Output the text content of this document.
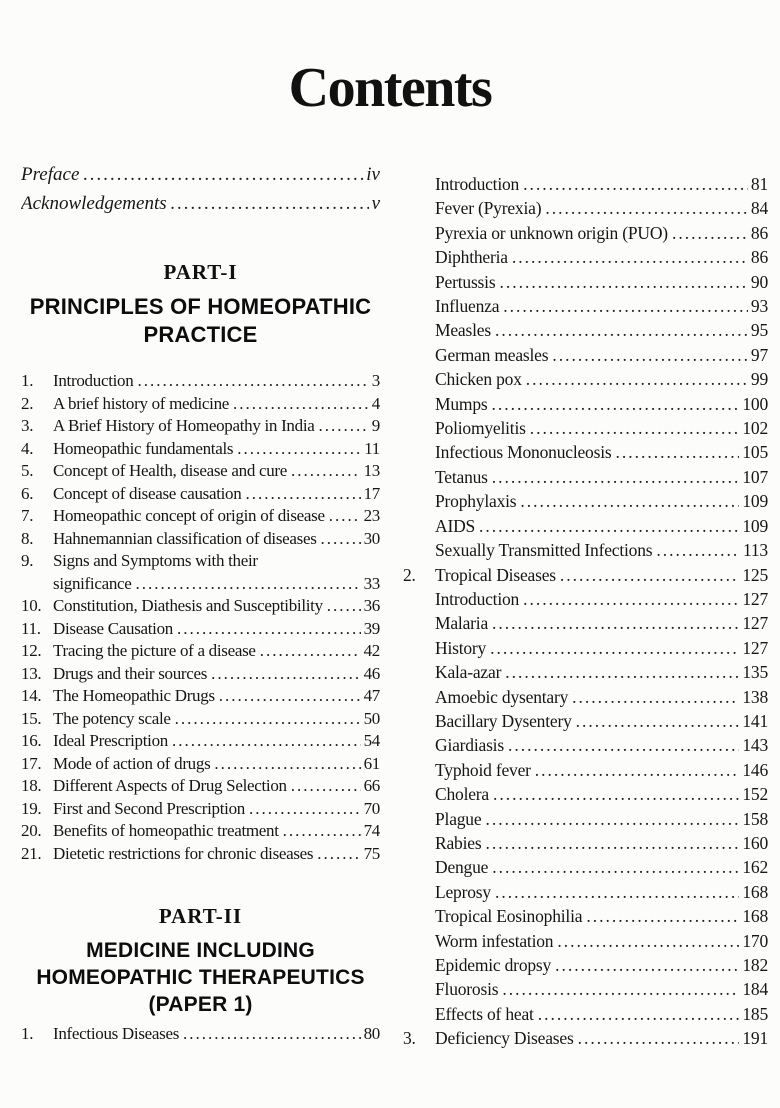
Contents
Preface .....	iv
Acknowledgements .....	v
PART-I
PRINCIPLES OF HOMEOPATHIC
PRACTICE
1.	Introduction .....	3
2.	A brief history of medicine .....	4
3.	A Brief History of Homeopathy in India .....	9
4.	Homeopathic fundamentals .....	11
5.	Concept of Health, disease and cure .....	13
6.	Concept of disease causation .....	17
7.	Homeopathic concept of origin of disease ..... 23
8.	Hahnemannian classification of diseases .....	30
9.	Signs and Symptoms with their
significance .....	33
10. Constitution, Diathesis and Susceptibility ..... 36
11. Disease Causation .....	39
12. Tracing the picture of a disease .....	42
13. Drugs and their sources .....	46
14. The Homeopathic Drugs .....	47
15. The potency scale .....	50
16. Ideal Prescription .....	54
17. Mode of action of drugs .....	61
18. Different Aspects of Drug Selection .....	66
19. First and Second Prescription .....	70
20. Benefits of homeopathic treatment .....	74
21. Dietetic restrictions for chronic diseases .....	75
PART-II
MEDICINE INCLUDING
HOMEOPATHIC THERAPEUTICS
(PAPER 1)
1.	Infectious Diseases .....	80
Introduction .....	81
Fever (Pyrexia) .....	84
Pyrexia or unknown origin (PUO) .....	86
Diphtheria .....	86
Pertussis .....	90
Influenza .....	93
Measles .....	95
German measles .....	97
Chicken pox .....	99
Mumps .....	100
Poliomyelitis .....	102
Infectious Mononucleosis .....	105
Tetanus .....	107
Prophylaxis .....	109
AIDS .....	109
Sexually Transmitted Infections .....	113
2.	Tropical Diseases .....	125
Introduction .....	127
Malaria .....	127
History .....	127
Kala-azar .....	135
Amoebic dysentary .....	138
Bacillary Dysentery .....	141
Giardiasis .....	143
Typhoid fever .....	146
Cholera .....	152
Plague .....	158
Rabies .....	160
Dengue .....	162
Leprosy .....	168
Tropical Eosinophilia .....	168
Worm infestation .....	170
Epidemic dropsy .....	182
Fluorosis .....	184
Effects of heat .....	185
3.	Deficiency Diseases .....	191
